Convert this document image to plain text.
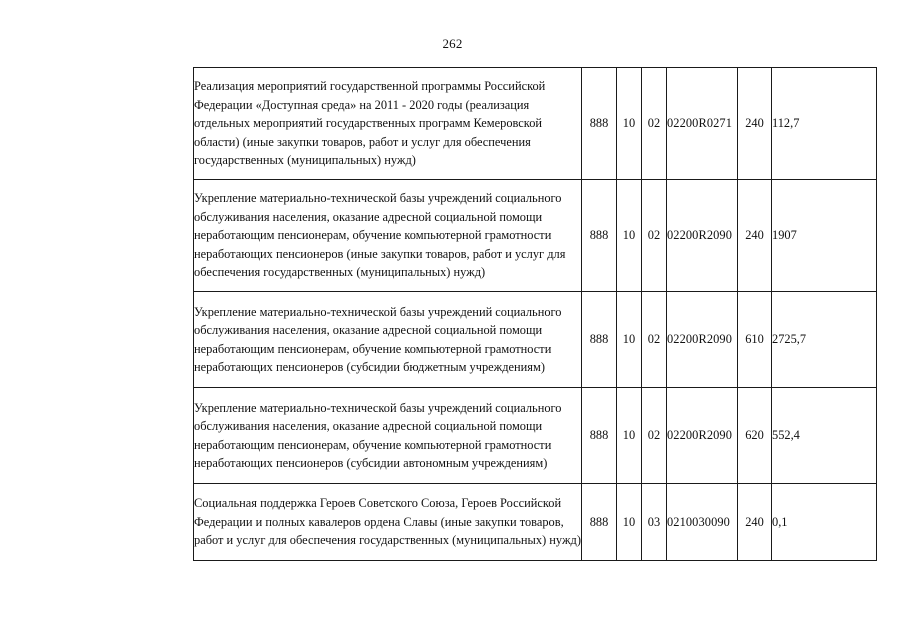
262
Реализация мероприятий государственной программы Российской Федерации «Доступная среда» на 2011 - 2020 годы (реализация отдельных мероприятий государственных программ Кемеровской области) (иные закупки товаров, работ и услуг для обеспечения государственных (муниципальных) нужд)	888	10	02	02200R0271	240	112,7
Укрепление материально-технической базы учреждений социального обслуживания населения, оказание адресной социальной помощи неработающим пенсионерам, обучение компьютерной грамотности неработающих пенсионеров (иные закупки товаров, работ и услуг для обеспечения государственных (муниципальных) нужд)	888	10	02	02200R2090	240	1907
Укрепление материально-технической базы учреждений социального обслуживания населения, оказание адресной социальной помощи неработающим пенсионерам, обучение компьютерной грамотности неработающих пенсионеров (субсидии бюджетным учреждениям)	888	10	02	02200R2090	610	2725,7
Укрепление материально-технической базы учреждений социального обслуживания населения, оказание адресной социальной помощи неработающим пенсионерам, обучение компьютерной грамотности неработающих пенсионеров (субсидии автономным учреждениям)	888	10	02	02200R2090	620	552,4
Социальная поддержка Героев Советского Союза, Героев Российской Федерации и полных кавалеров ордена Славы (иные закупки товаров, работ и услуг для обеспечения государственных (муниципальных) нужд)	888	10	03	0210030090	240	0,1
